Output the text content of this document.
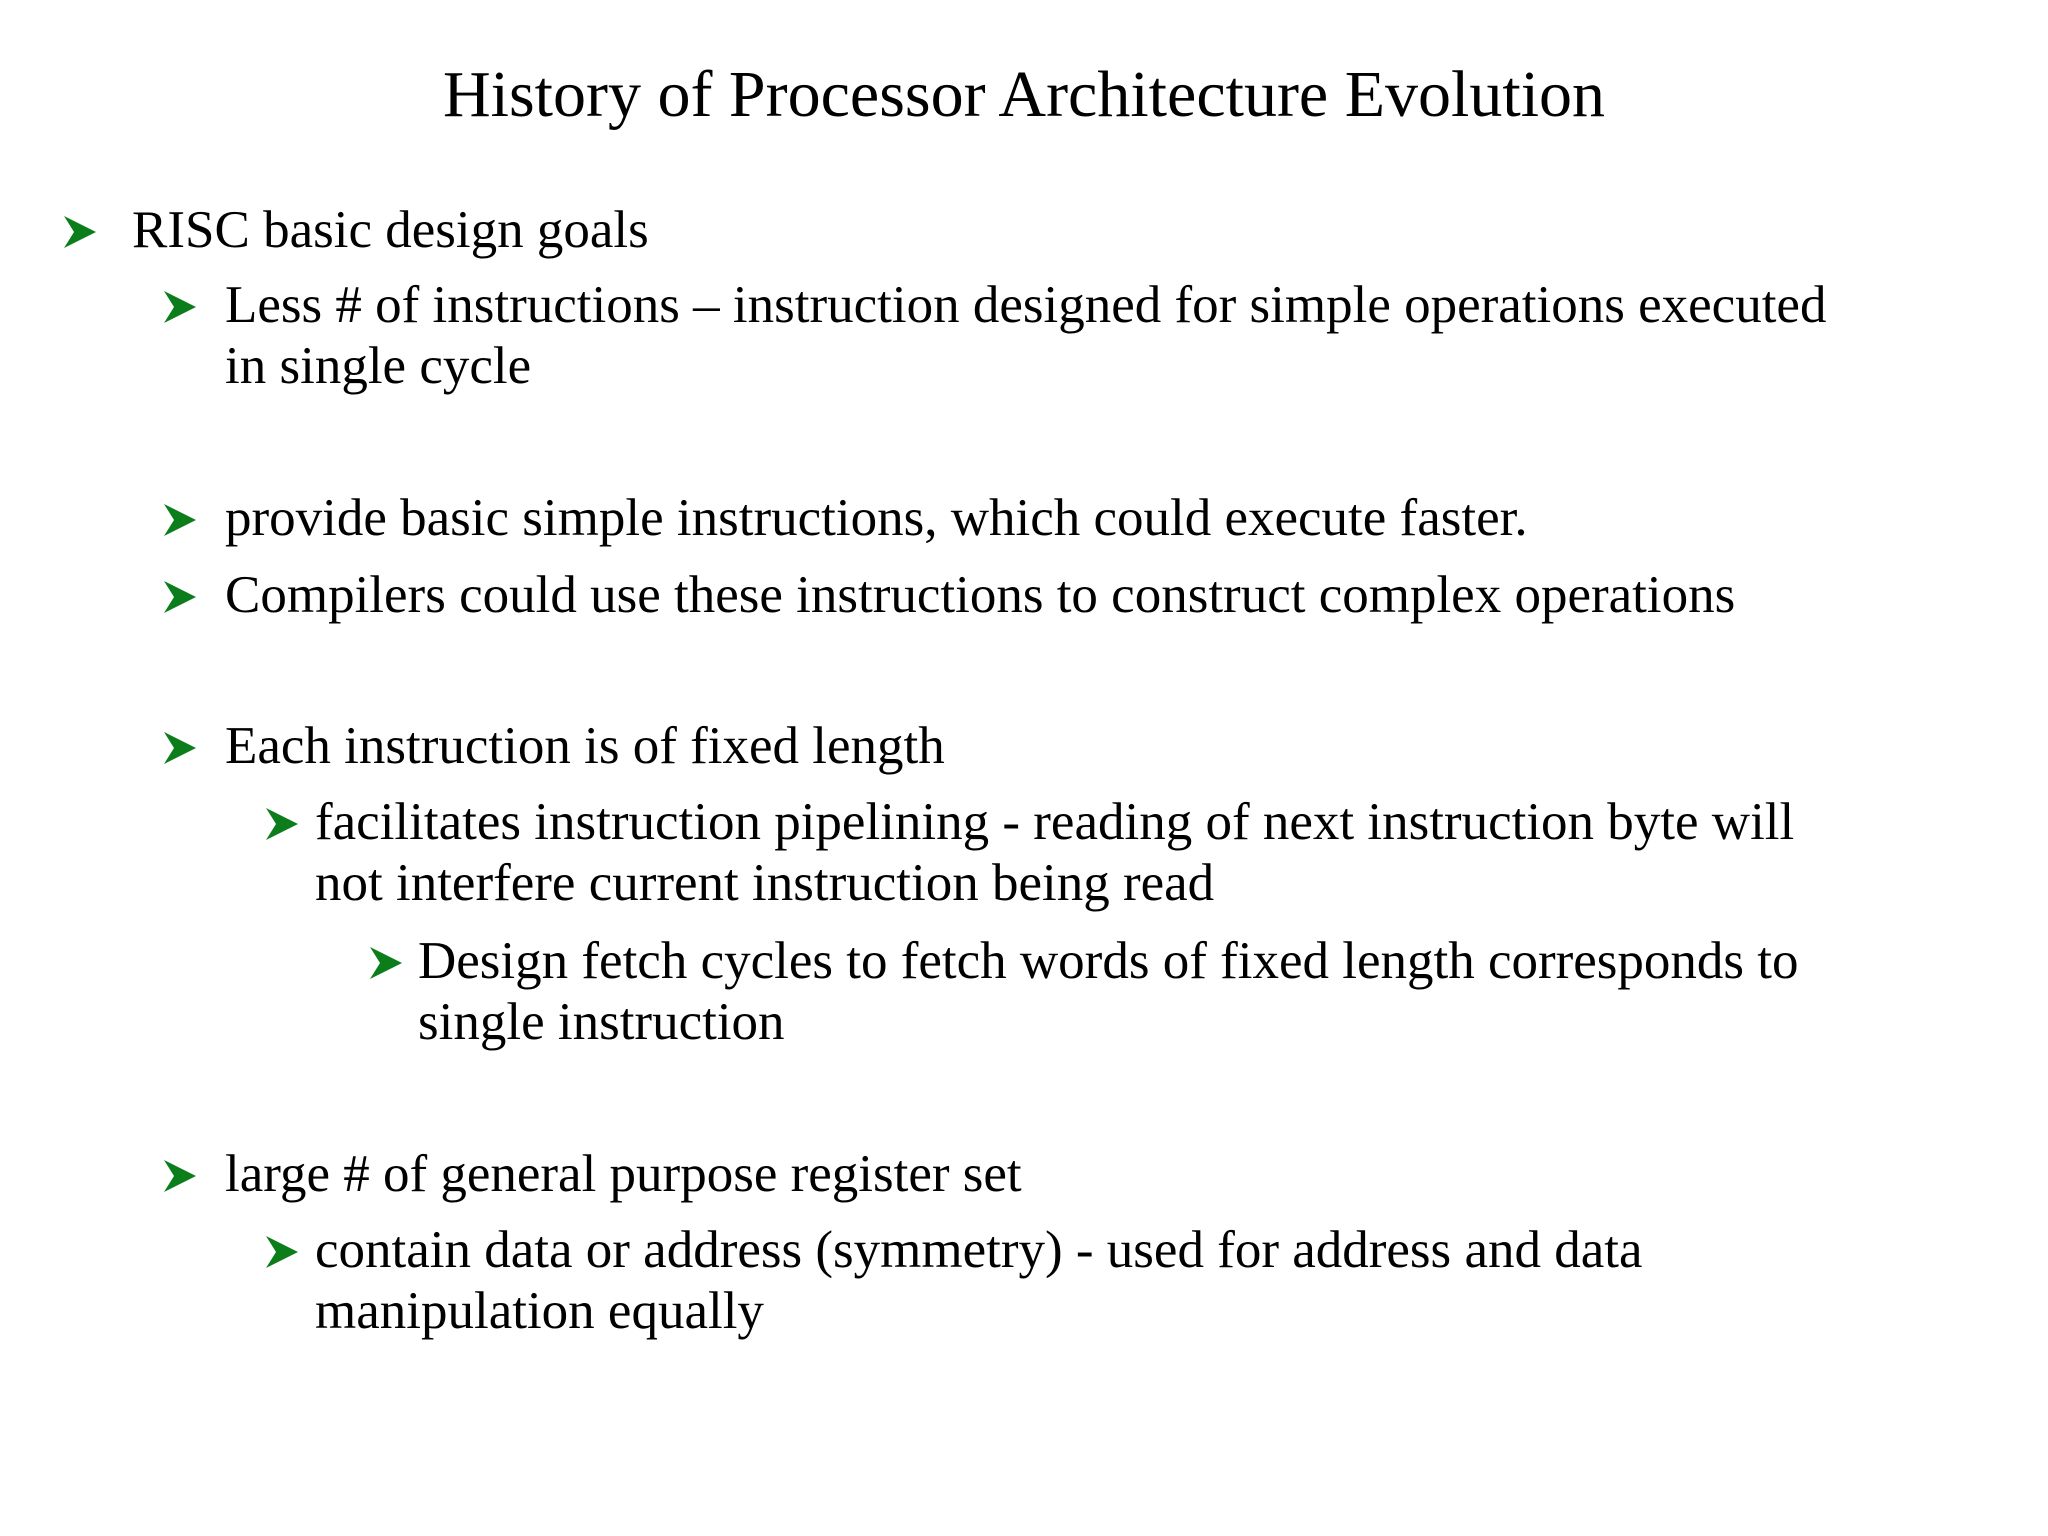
History of Processor Architecture Evolution
RISC basic design goals
Less # of instructions – instruction designed for simple operations executed
in single cycle
provide basic simple instructions, which could execute faster.
Compilers could use these instructions to construct complex operations
Each instruction is of fixed length
facilitates instruction pipelining - reading of next instruction byte will
not interfere current instruction being read
Design fetch cycles to fetch words of fixed length corresponds to
single instruction
large # of general purpose register set
contain data or address (symmetry) - used for address and data
manipulation equally
